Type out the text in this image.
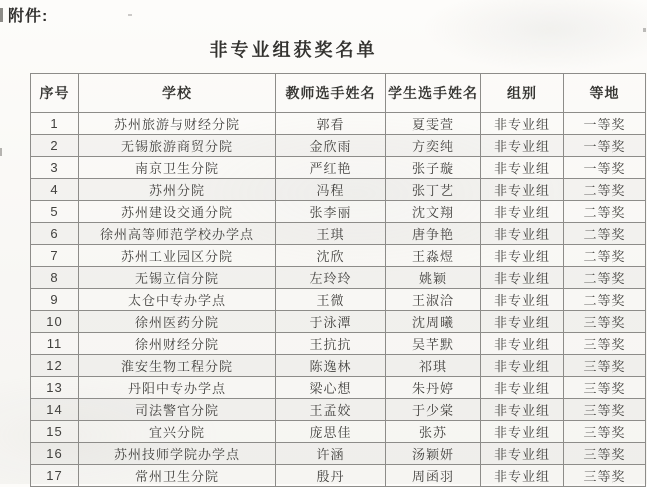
附件:
非专业组获奖名单
序号	学校	教师选手姓名	学生选手姓名	组别	等地
1	苏州旅游与财经分院	郭看	夏雯萱	非专业组	一等奖
2	无锡旅游商贸分院	金欣雨	方奕纯	非专业组	一等奖
3	南京卫生分院	严红艳	张子璇	非专业组	一等奖
4	苏州分院	冯程	张丁艺	非专业组	二等奖
5	苏州建设交通分院	张李丽	沈文翔	非专业组	二等奖
6	徐州高等师范学校办学点	王琪	唐争艳	非专业组	二等奖
7	苏州工业园区分院	沈欣	王淼煜	非专业组	二等奖
8	无锡立信分院	左玲玲	姚颖	非专业组	二等奖
9	太仓中专办学点	王微	王淑洽	非专业组	二等奖
10	徐州医药分院	于泳潭	沈周曦	非专业组	三等奖
11	徐州财经分院	王抗抗	吴芊默	非专业组	三等奖
12	淮安生物工程分院	陈逸林	祁琪	非专业组	三等奖
13	丹阳中专办学点	梁心想	朱丹婷	非专业组	三等奖
14	司法警官分院	王孟姣	于少棠	非专业组	三等奖
15	宜兴分院	庞思佳	张苏	非专业组	三等奖
16	苏州技师学院办学点	许涵	汤颖妍	非专业组	三等奖
17	常州卫生分院	殷丹	周函羽	非专业组	三等奖
